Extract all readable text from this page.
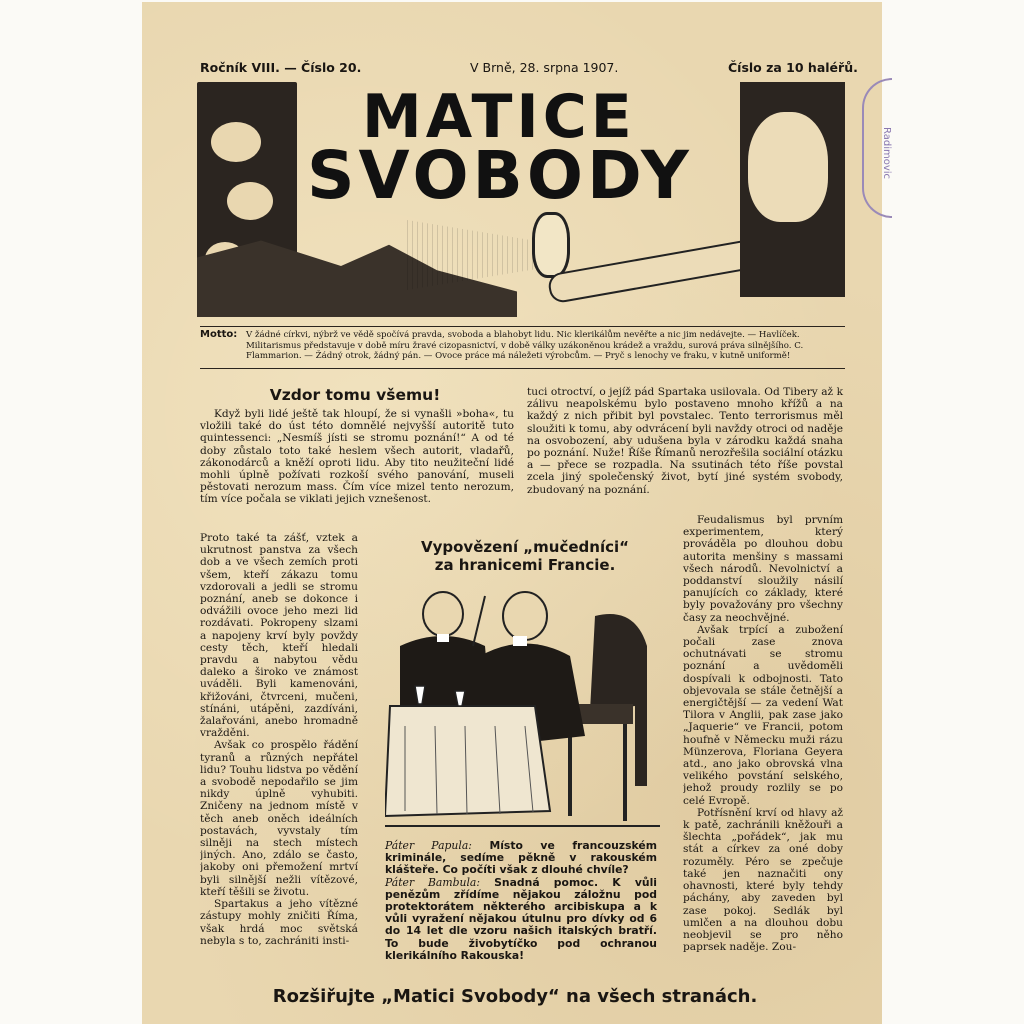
Radimovic
Ročník VIII. — Číslo 20.	V Brně, 28. srpna 1907.	Číslo za 10 haléřů.
MATICE
SVOBODY
Motto: V žádné církvi, nýbrž ve vědě spočívá pravda, svoboda a blahobyt lidu. Nic klerikálům nevěřte a nic jim nedávejte. — Havlíček. Militarismus představuje v době míru žravé cizopasnictví, v době války uzákoněnou krádež a vraždu, surová práva silnějšího. C. Flammarion. — Žádný otrok, žádný pán. — Ovoce práce má náležeti výrobcům. — Pryč s lenochy ve fraku, v kutně uniformě!
Vzdor tomu všemu!

Když byli lidé ještě tak hloupí, že si vynašli »boha«, tu vložili také do úst této domnělé nejvyšší autoritě tuto quintessenci: „Nesmíš jísti se stromu poznání!“ A od té doby zůstalo toto také heslem všech autorit, vladařů, zákonodárců a kněží oproti lidu. Aby tito neužiteční lidé mohli úplně požívati rozkoší svého panování, museli pěstovati nerozum mass. Čím více mizel tento nerozum, tím více počala se viklati jejich vznešenost.

Proto také ta zášť, vztek a ukrutnost panstva za všech dob a ve všech zemích proti všem, kteří zákazu tomu vzdorovali a jedli se stromu poznání, aneb se dokonce i odvážili ovoce jeho mezi lid rozdávati. Pokropeny slzami a napojeny krví byly povždy cesty těch, kteří hledali pravdu a nabytou vědu daleko a široko ve známost uváděli. Byli kamenováni, křižováni, čtvrceni, mučeni, stínáni, utápěni, zazdíváni, žalařováni, anebo hromadně vražděni.

Avšak co prospělo řádění tyranů a různých nepřátel lidu? Touhu lidstva po vědění a svobodě nepodařilo se jim nikdy úplně vyhubiti. Zničeny na jednom místě v těch aneb oněch ideálních postavách, vyvstaly tím silněji na stech místech jiných. Ano, zdálo se často, jakoby oni přemožení mrtví byli silnější nežli vítězové, kteří těšili se životu.

Spartakus a jeho vítězné zástupy mohly zničiti Říma, však hrdá moc světská nebyla s to, zachrániti insti-

tuci otroctví, o jejíž pád Spartaka usilovala. Od Tibery až k zálivu neapolskému bylo postaveno mnoho křížů a na každý z nich přibit byl povstalec. Tento terrorismus měl sloužiti k tomu, aby odvrácení byli navždy otroci od naděje na osvobození, aby udušena byla v zárodku každá snaha po poznání. Nuže! Říše Římanů nerozřešila sociální otázku a — přece se rozpadla. Na ssutinách této říše povstal zcela jiný společenský život, bytí jiné systém svobody, zbudovaný na poznání.

Feudalismus byl prvním experimentem, který prováděla po dlouhou dobu autorita menšiny s massami všech národů. Nevolnictví a poddanství sloužily násilí panujících co základy, které byly považovány pro všechny časy za neochvějné.

Avšak trpící a zubožení počali zase znova ochutnávati se stromu poznání a uvědoměli dospívali k odbojnosti. Tato objevovala se stále četnější a energičtější — za vedení Wat Tilora v Anglii, pak zase jako „Jaquerie“ ve Francii, potom houfně v Německu muži rázu Münzerova, Floriana Geyera atd., ano jako obrovská vlna velikého povstání selského, jehož proudy rozlily se po celé Evropě.

Potřísnění krví od hlavy až k patě, zachránili kněžouři a šlechta „pořádek“, jak mu stát a církev za oné doby rozuměly. Péro se zpečuje také jen naznačiti ony ohavnosti, které byly tehdy páchány, aby zaveden byl zase pokoj. Sedlák byl umlčen a na dlouhou dobu neobjevil se pro něho paprsek naděje. Zou-

Vypovězení „mučedníci“
za hranicemi Francie.
Páter Papula: Místo ve francouzském kriminále, sedíme pěkně v rakouském klášteře. Co počíti však z dlouhé chvíle?
Páter Bambula: Snadná pomoc. K vůli penězům zřídíme nějakou záložnu pod protektorátem některého arcibiskupa a k vůli vyražení nějakou útulnu pro dívky od 6 do 14 let dle vzoru našich italských bratří. To bude živobytíčko pod ochranou klerikálního Rakouska!
Rozšiřujte „Matici Svobody“ na všech stranách.
